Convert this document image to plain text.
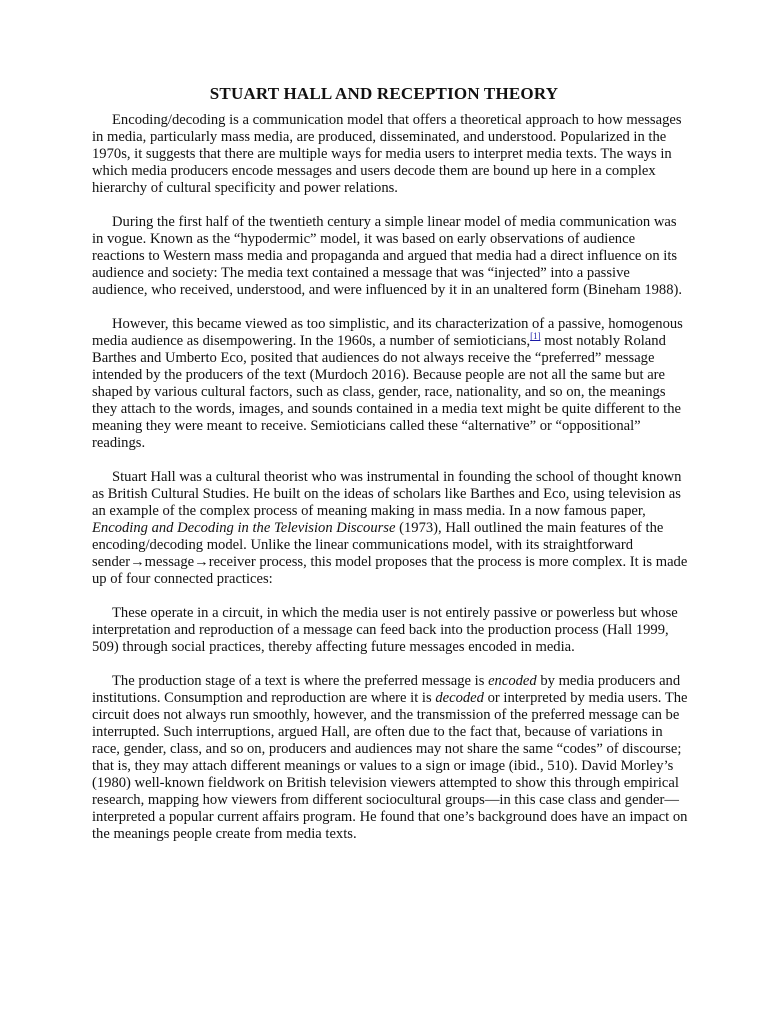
STUART HALL AND RECEPTION THEORY

Encoding/decoding is a communication model that offers a theoretical approach to how messages in media, particularly mass media, are produced, disseminated, and understood. Popularized in the 1970s, it suggests that there are multiple ways for media users to interpret media texts. The ways in which media producers encode messages and users decode them are bound up here in a complex hierarchy of cultural specificity and power relations.

During the first half of the twentieth century a simple linear model of media communication was in vogue. Known as the “hypodermic” model, it was based on early observations of audience reactions to Western mass media and propaganda and argued that media had a direct influence on its audience and society: The media text contained a message that was “injected” into a passive audience, who received, understood, and were influenced by it in an unaltered form (Bineham 1988).

However, this became viewed as too simplistic, and its characterization of a passive, homogenous media audience as disempowering. In the 1960s, a number of semioticians,[1] most notably Roland Barthes and Umberto Eco, posited that audiences do not always receive the “preferred” message intended by the producers of the text (Murdoch 2016). Because people are not all the same but are shaped by various cultural factors, such as class, gender, race, nationality, and so on, the meanings they attach to the words, images, and sounds contained in a media text might be quite different to the meaning they were meant to receive. Semioticians called these “alternative” or “oppositional” readings.

Stuart Hall was a cultural theorist who was instrumental in founding the school of thought known as British Cultural Studies. He built on the ideas of scholars like Barthes and Eco, using television as an example of the complex process of meaning making in mass media. In a now famous paper, Encoding and Decoding in the Television Discourse (1973), Hall outlined the main features of the encoding/decoding model. Unlike the linear communications model, with its straightforward sender→message→receiver process, this model proposes that the process is more complex. It is made up of four connected practices:

These operate in a circuit, in which the media user is not entirely passive or powerless but whose interpretation and reproduction of a message can feed back into the production process (Hall 1999, 509) through social practices, thereby affecting future messages encoded in media.

The production stage of a text is where the preferred message is encoded by media producers and institutions. Consumption and reproduction are where it is decoded or interpreted by media users. The circuit does not always run smoothly, however, and the transmission of the preferred message can be interrupted. Such interruptions, argued Hall, are often due to the fact that, because of variations in race, gender, class, and so on, producers and audiences may not share the same “codes” of discourse; that is, they may attach different meanings or values to a sign or image (ibid., 510). David Morley’s (1980) well-known fieldwork on British television viewers attempted to show this through empirical research, mapping how viewers from different sociocultural groups—in this case class and gender—interpreted a popular current affairs program. He found that one’s background does have an impact on the meanings people create from media texts.
